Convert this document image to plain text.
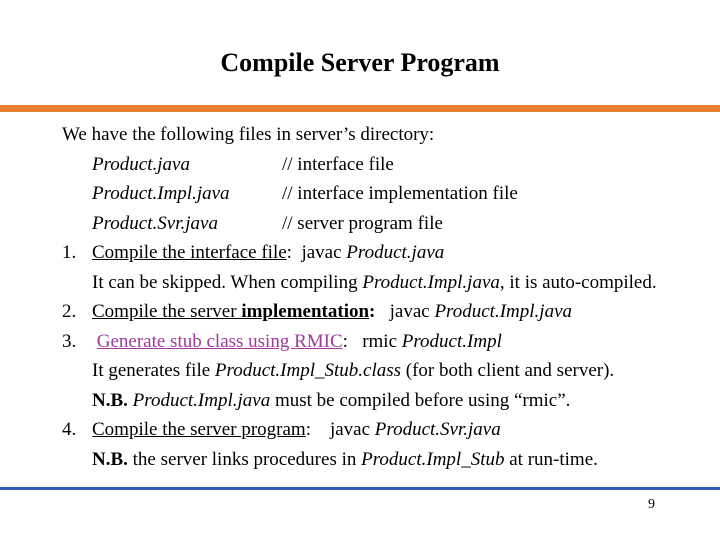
Compile Server Program
We have the following files in server’s directory:
Product.java	// interface file
Product.Impl.java	// interface implementation file
Product.Svr.java	// server program file
1. Compile the interface file: javac Product.java
It can be skipped. When compiling Product.Impl.java, it is auto-compiled.
2. Compile the server implementation: javac Product.Impl.java
3. Generate stub class using RMIC: rmic Product.Impl
It generates file Product.Impl_Stub.class (for both client and server).
N.B. Product.Impl.java must be compiled before using “rmic”.
4. Compile the server program: javac Product.Svr.java
N.B. the server links procedures in Product.Impl_Stub at run-time.
9
